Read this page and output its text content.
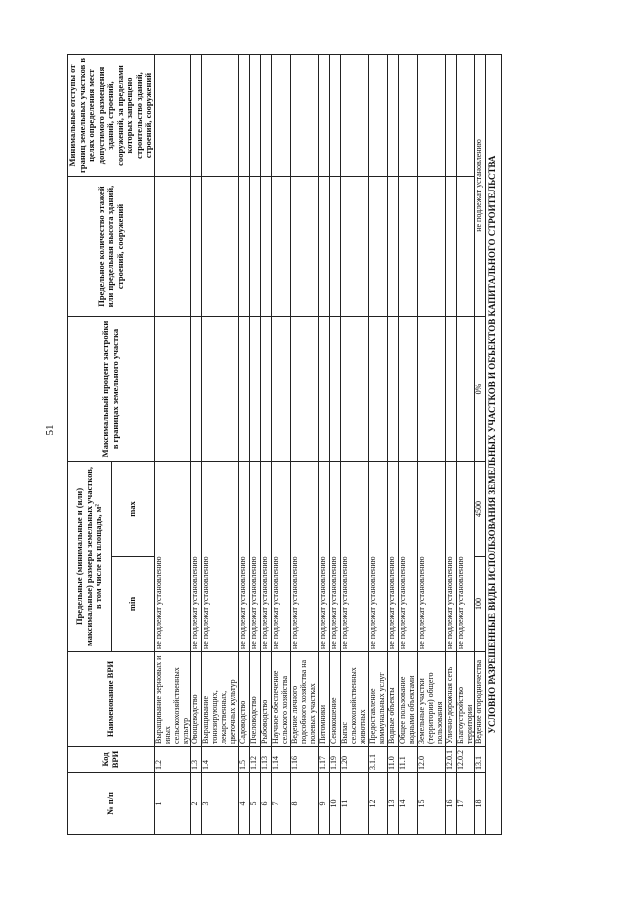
51
№ п/п	Код ВРИ	Наименование ВРИ	Предельные (минимальные и (или) максимальные) размеры земельных участков, в том числе их площадь, м²		Максимальный процент застройки в границах земельного участка	Предельное количество этажей или предельная высота зданий, строений, сооружений	Минимальные отступы от границ земельных участков в целях определения мест допустимого размещения зданий, строений, сооружений, за пределами которых запрещено строительство зданий, строений, сооружений
			min	max			
1	1.2	Выращивание зерновых и иных сельскохозяйственных культур	не подлежат установлению				
2	1.3	Овощеводство	не подлежат установлению				
3	1.4	Выращивание тонизирующих, лекарственных, цветочных культур	не подлежат установлению				
4	1.5	Садоводство	не подлежат установлению				
5	1.12	Пчеловодство	не подлежат установлению				
6	1.13	Рыбоводство	не подлежат установлению				
7	1.14	Научное обеспечение сельского хозяйства	не подлежат установлению				
8	1.16	Ведение личного подсобного хозяйства на полевых участках	не подлежат установлению				
9	1.17	Питомники	не подлежат установлению				
10	1.19	Сенокошение	не подлежат установлению				
11	1.20	Выпас сельскохозяйственных животных	не подлежат установлению				
12	3.1.1	Предоставление коммунальных услуг	не подлежат установлению				
13	11.0	Водные объекты	не подлежат установлению				
14	11.1	Общее пользование водными объектами	не подлежат установлению				
15	12.0	Земельные участки (территории) общего пользования	не подлежат установлению				
16	12.0.1	Улично-дорожная сеть	не подлежат установлению				
17	12.0.2	Благоустройство территории	не подлежат установлению				
18	13.1	Ведение огородничества	100	4500	0%	не подлежат установлению	
УСЛОВНО РАЗРЕШЕННЫЕ ВИДЫ ИСПОЛЬЗОВАНИЯ ЗЕМЕЛЬНЫХ УЧАСТКОВ И ОБЪЕКТОВ КАПИТАЛЬНОГО СТРОИТЕЛЬСТВА							
